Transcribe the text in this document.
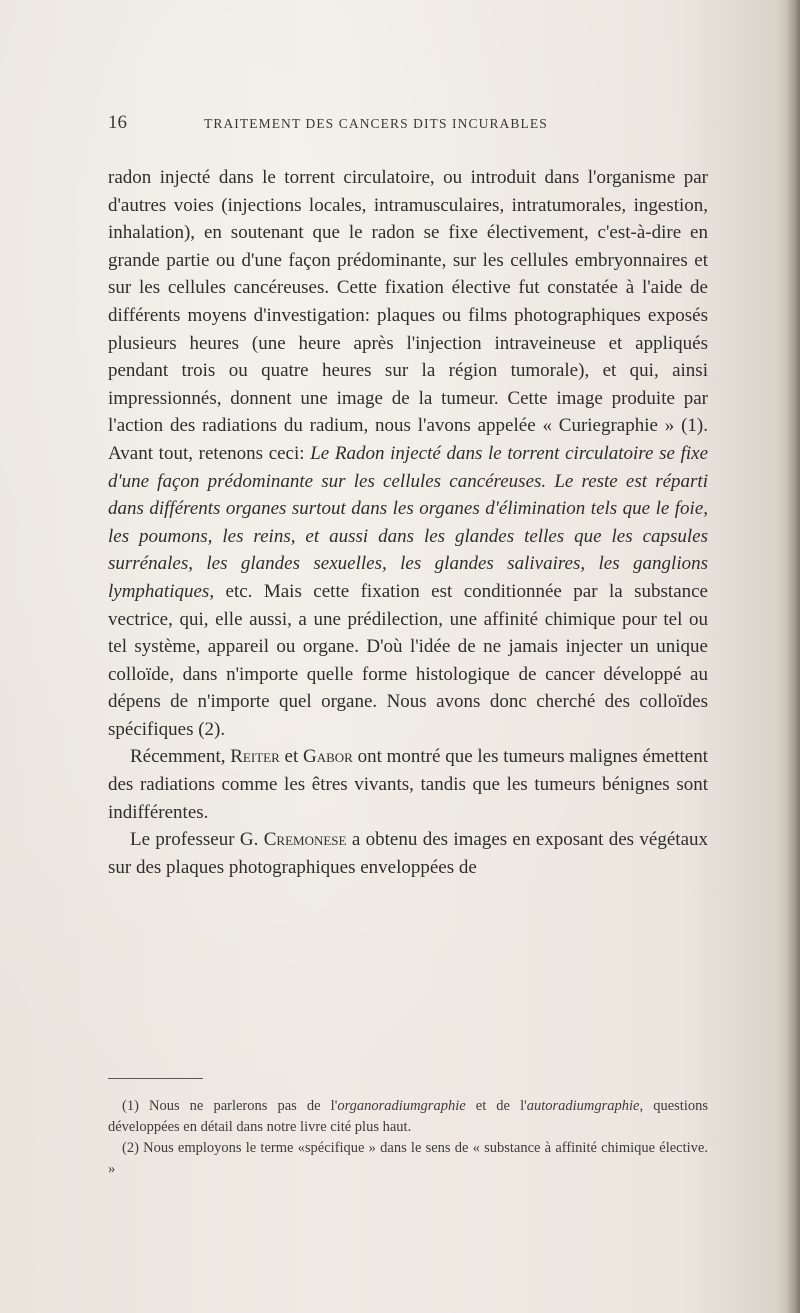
16	TRAITEMENT DES CANCERS DITS INCURABLES

radon injecté dans le torrent circulatoire, ou introduit dans l'organisme par d'autres voies (injections locales, intramusculaires, intratumorales, ingestion, inhalation), en soutenant que le radon se fixe électivement, c'est-à-dire en grande partie ou d'une façon prédominante, sur les cellules embryonnaires et sur les cellules cancéreuses. Cette fixation élective fut constatée à l'aide de différents moyens d'investigation: plaques ou films photographiques exposés plusieurs heures (une heure après l'injection intraveineuse et appliqués pendant trois ou quatre heures sur la région tumorale), et qui, ainsi impressionnés, donnent une image de la tumeur. Cette image produite par l'action des radiations du radium, nous l'avons appelée « Curiegraphie » (1). Avant tout, retenons ceci: Le Radon injecté dans le torrent circulatoire se fixe d'une façon prédominante sur les cellules cancéreuses. Le reste est réparti dans différents organes surtout dans les organes d'élimination tels que le foie, les poumons, les reins, et aussi dans les glandes telles que les capsules surrénales, les glandes sexuelles, les glandes salivaires, les ganglions lymphatiques, etc. Mais cette fixation est conditionnée par la substance vectrice, qui, elle aussi, a une prédilection, une affinité chimique pour tel ou tel système, appareil ou organe. D'où l'idée de ne jamais injecter un unique colloïde, dans n'importe quelle forme histologique de cancer développé au dépens de n'importe quel organe. Nous avons donc cherché des colloïdes spécifiques (2).

Récemment, Reiter et Gabor ont montré que les tumeurs malignes émettent des radiations comme les êtres vivants, tandis que les tumeurs bénignes sont indifférentes.

Le professeur G. Cremonese a obtenu des images en exposant des végétaux sur des plaques photographiques enveloppées de

(1) Nous ne parlerons pas de l'organoradiumgraphie et de l'autoradiumgraphie, questions développées en détail dans notre livre cité plus haut.

(2) Nous employons le terme «spécifique » dans le sens de « substance à affinité chimique élective. »
